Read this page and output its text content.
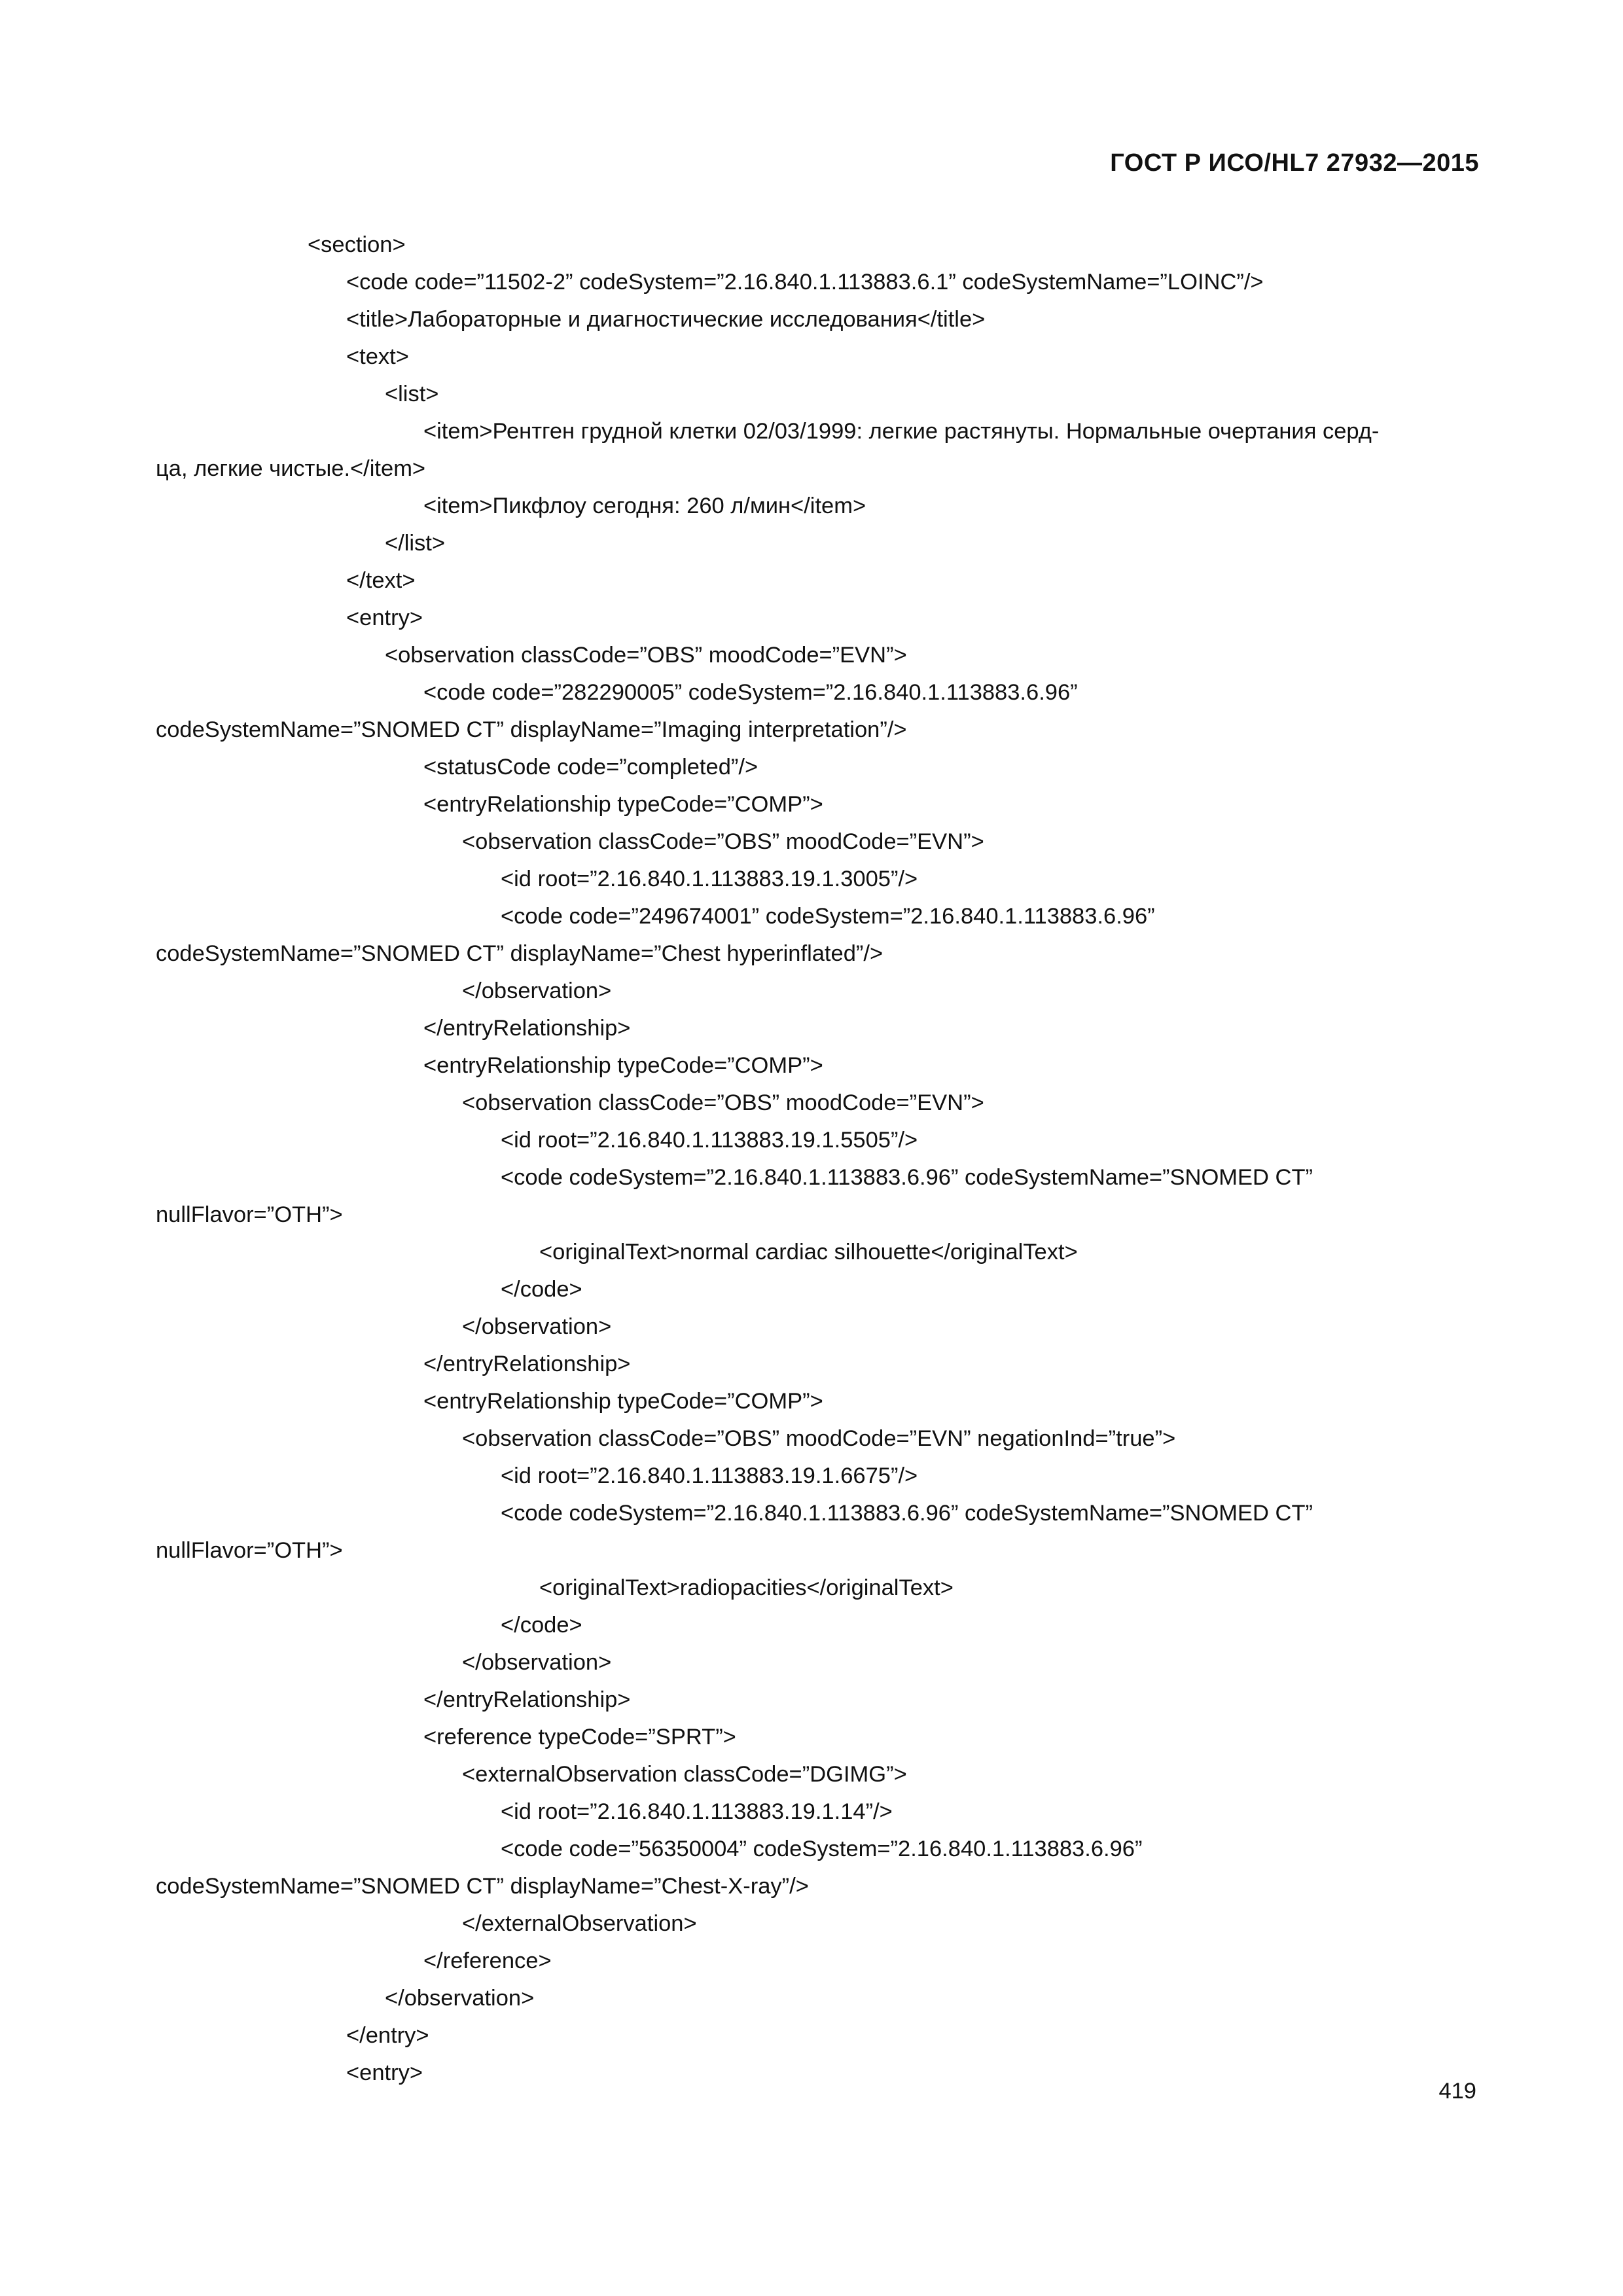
ГОСТ Р ИСО/HL7 27932—2015
<section>
<code code=”11502-2” codeSystem=”2.16.840.1.113883.6.1” codeSystemName=”LOINC”/>
<title>Лабораторные и диагностические исследования</title>
<text>
<list>
<item>Рентген грудной клетки 02/03/1999: легкие растянуты. Нормальные очертания серд-
ца, легкие чистые.</item>
<item>Пикфлоу сегодня: 260 л/мин</item>
</list>
</text>
<entry>
<observation classCode=”OBS” moodCode=”EVN”>
<code code=”282290005” codeSystem=”2.16.840.1.113883.6.96”
codeSystemName=”SNOMED CT” displayName=”Imaging interpretation”/>
<statusCode code=”completed”/>
<entryRelationship typeCode=”COMP”>
<observation classCode=”OBS” moodCode=”EVN”>
<id root=”2.16.840.1.113883.19.1.3005”/>
<code code=”249674001” codeSystem=”2.16.840.1.113883.6.96”
codeSystemName=”SNOMED CT” displayName=”Chest hyperinflated”/>
</observation>
</entryRelationship>
<entryRelationship typeCode=”COMP”>
<observation classCode=”OBS” moodCode=”EVN”>
<id root=”2.16.840.1.113883.19.1.5505”/>
<code codeSystem=”2.16.840.1.113883.6.96” codeSystemName=”SNOMED CT”
nullFlavor=”OTH”>
<originalText>normal cardiac silhouette</originalText>
</code>
</observation>
</entryRelationship>
<entryRelationship typeCode=”COMP”>
<observation classCode=”OBS” moodCode=”EVN” negationInd=”true”>
<id root=”2.16.840.1.113883.19.1.6675”/>
<code codeSystem=”2.16.840.1.113883.6.96” codeSystemName=”SNOMED CT”
nullFlavor=”OTH”>
<originalText>radiopacities</originalText>
</code>
</observation>
</entryRelationship>
<reference typeCode=”SPRT”>
<externalObservation classCode=”DGIMG”>
<id root=”2.16.840.1.113883.19.1.14”/>
<code code=”56350004” codeSystem=”2.16.840.1.113883.6.96”
codeSystemName=”SNOMED CT” displayName=”Chest-X-ray”/>
</externalObservation>
</reference>
</observation>
</entry>
<entry>
419
